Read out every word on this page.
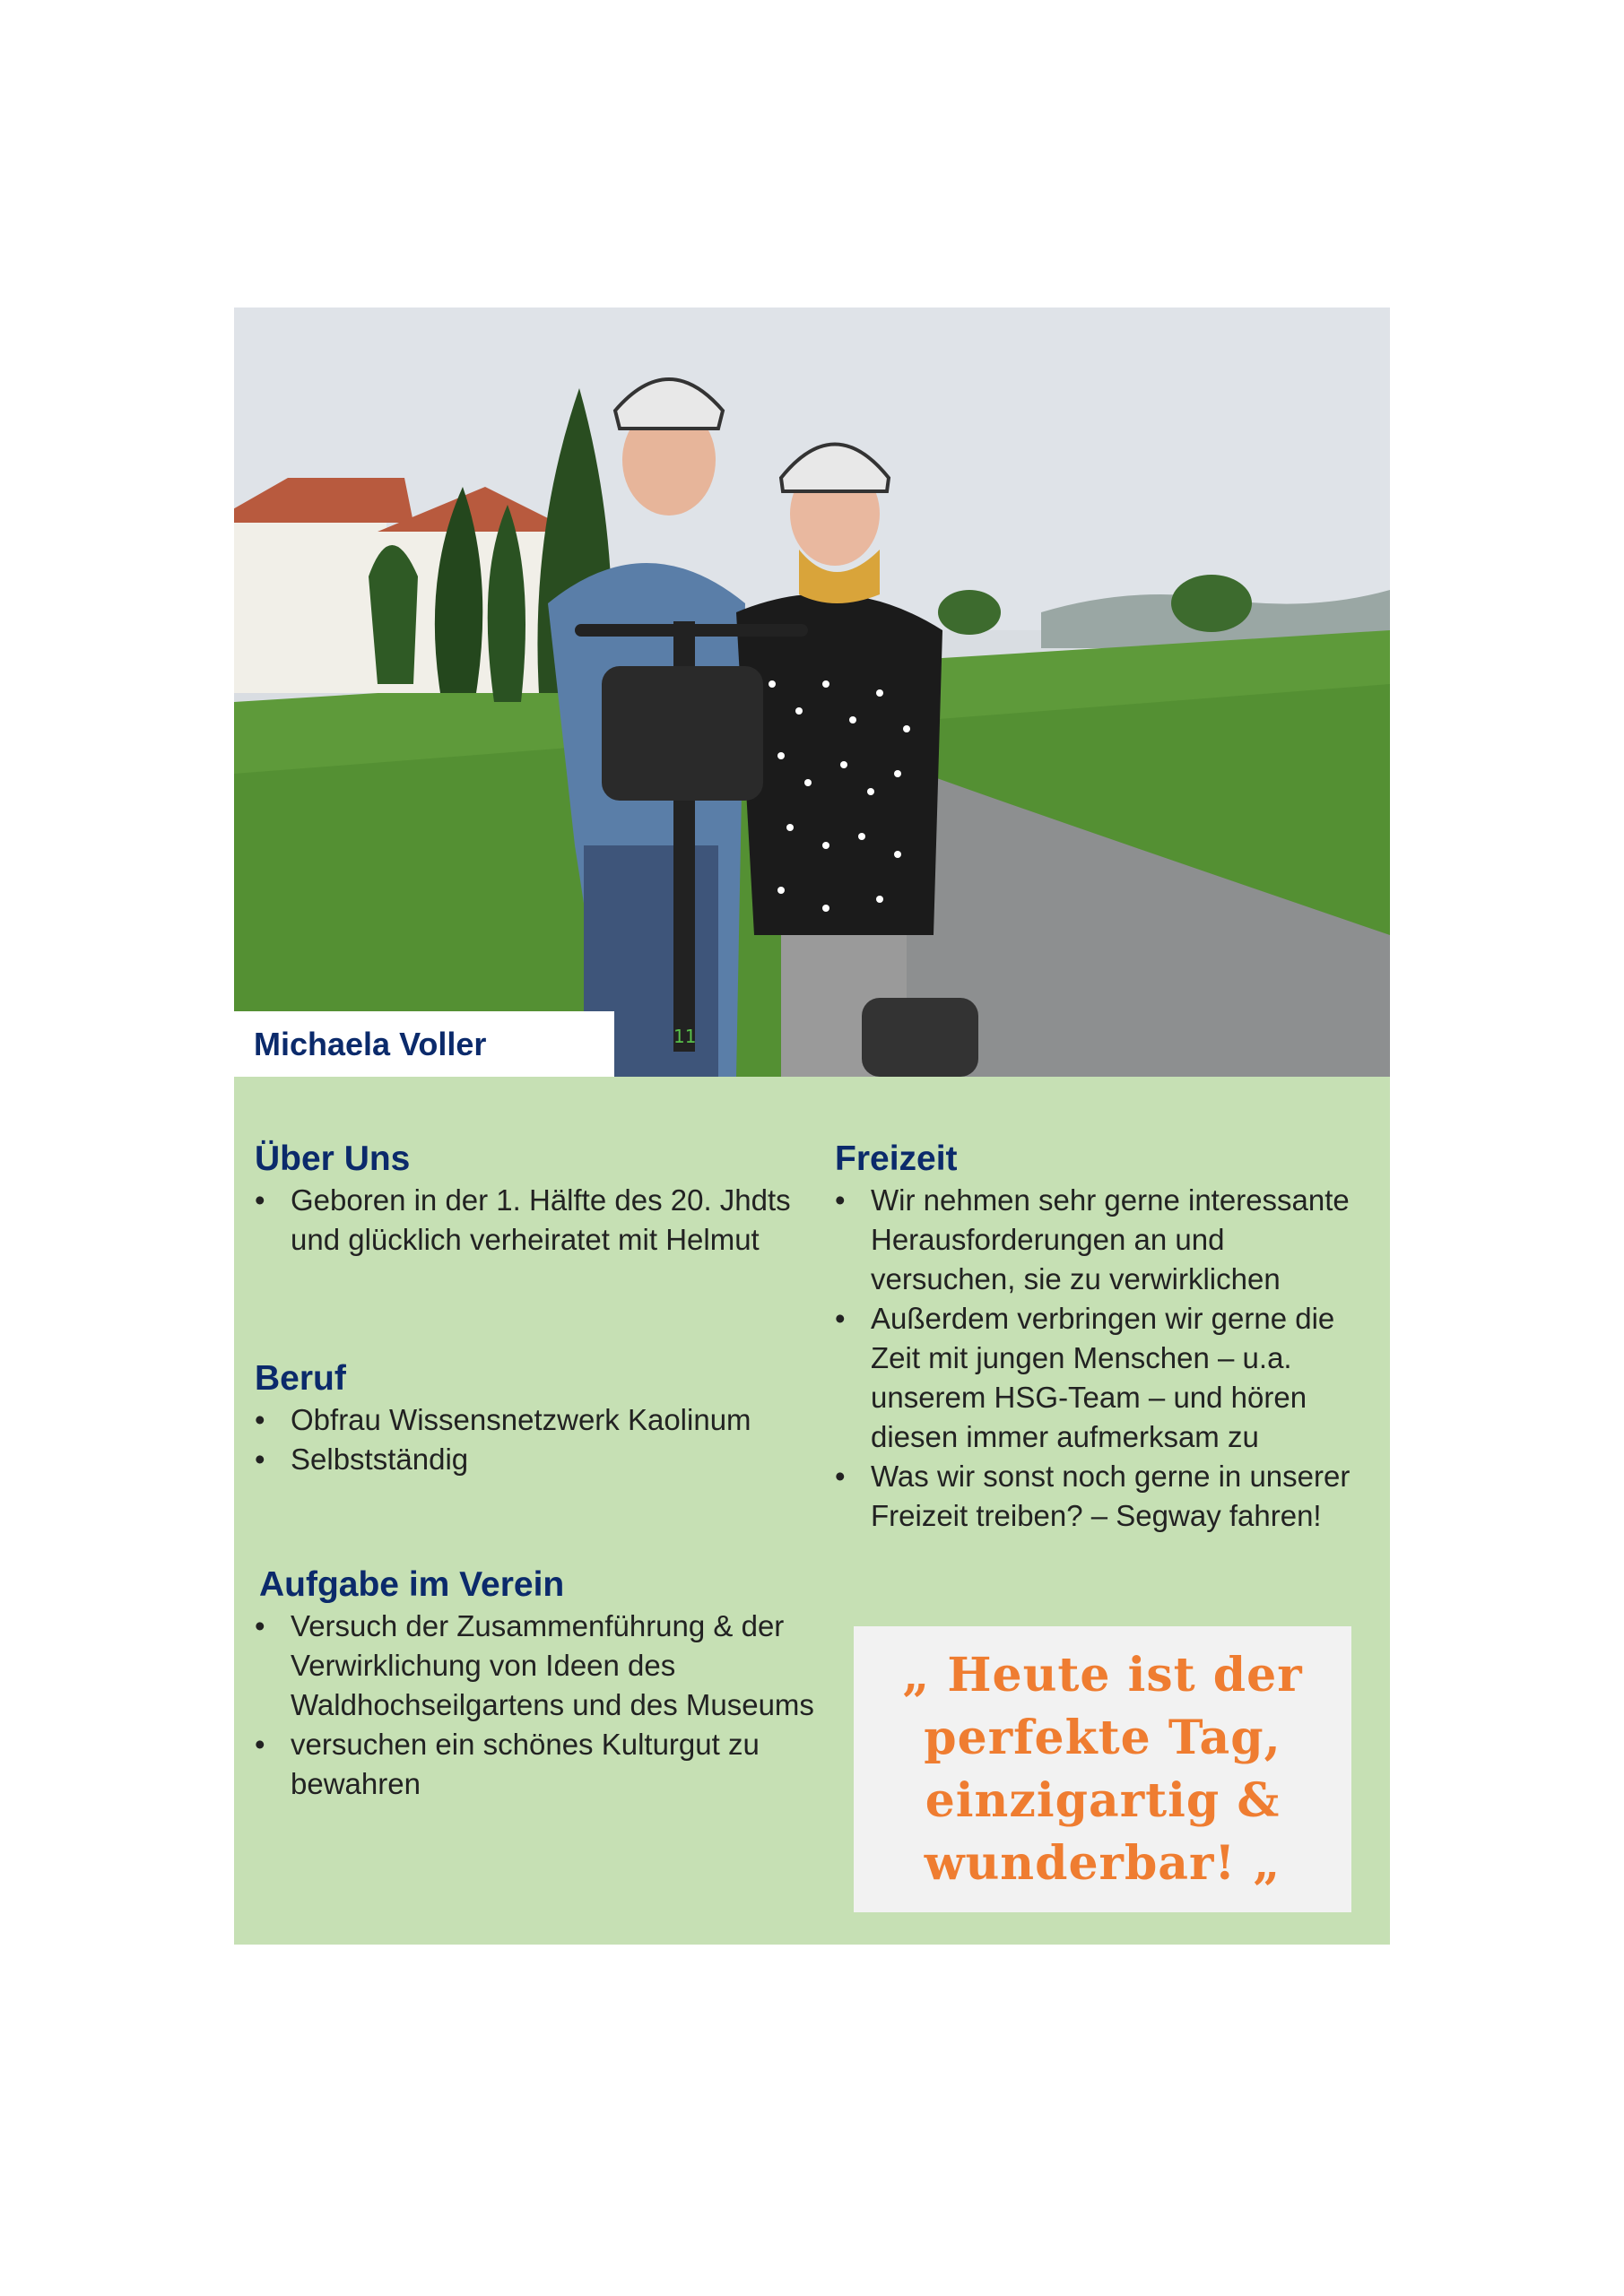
11
Michaela Voller
Über Uns
• Geboren in der 1. Hälfte des 20. Jhdts und glücklich verheiratet mit Helmut
Beruf
• Obfrau Wissensnetzwerk Kaolinum
• Selbstständig
Aufgabe im Verein
• Versuch der Zusammenführung & der Verwirklichung von Ideen des Waldhochseilgartens und des Museums
• versuchen ein schönes Kulturgut zu bewahren
Freizeit
• Wir nehmen sehr gerne interessante Herausforderungen an und versuchen, sie zu verwirklichen
• Außerdem verbringen wir gerne die Zeit mit jungen Menschen – u.a. unserem HSG-Team – und hören diesen immer aufmerksam zu
• Was wir sonst noch gerne in unserer Freizeit treiben? – Segway fahren!

„ Heute ist der perfekte Tag, einzigartig & wunderbar! „
